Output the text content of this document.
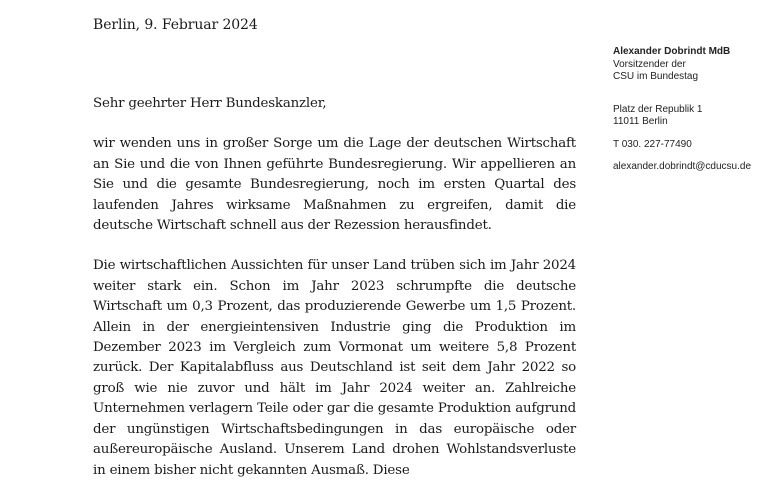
Berlin, 9. Februar 2024
Alexander Dobrindt MdB
Vorsitzender der
CSU im Bundestag
Platz der Republik 1
11011 Berlin
T 030. 227-77490
alexander.dobrindt@cducsu.de

Sehr geehrter Herr Bundeskanzler,

wir wenden uns in großer Sorge um die Lage der deutschen Wirtschaft an Sie und die von Ihnen geführte Bundesregierung. Wir appellieren an Sie und die gesamte Bundesregierung, noch im ersten Quartal des laufenden Jahres wirksame Maßnahmen zu ergreifen, damit die deutsche Wirtschaft schnell aus der Rezession herausfindet.

Die wirtschaftlichen Aussichten für unser Land trüben sich im Jahr 2024 weiter stark ein. Schon im Jahr 2023 schrumpfte die deutsche Wirtschaft um 0,3 Prozent, das produzierende Gewerbe um 1,5 Prozent. Allein in der energieintensiven Industrie ging die Produktion im Dezember 2023 im Vergleich zum Vormonat um weitere 5,8 Prozent zurück. Der Kapitalabfluss aus Deutschland ist seit dem Jahr 2022 so groß wie nie zuvor und hält im Jahr 2024 weiter an. Zahlreiche Unternehmen verlagern Teile oder gar die gesamte Produktion aufgrund der ungünstigen Wirtschaftsbedingungen in das europäische oder außereuropäische Ausland. Unserem Land drohen Wohlstandsverluste in einem bisher nicht gekannten Ausmaß. Diese
